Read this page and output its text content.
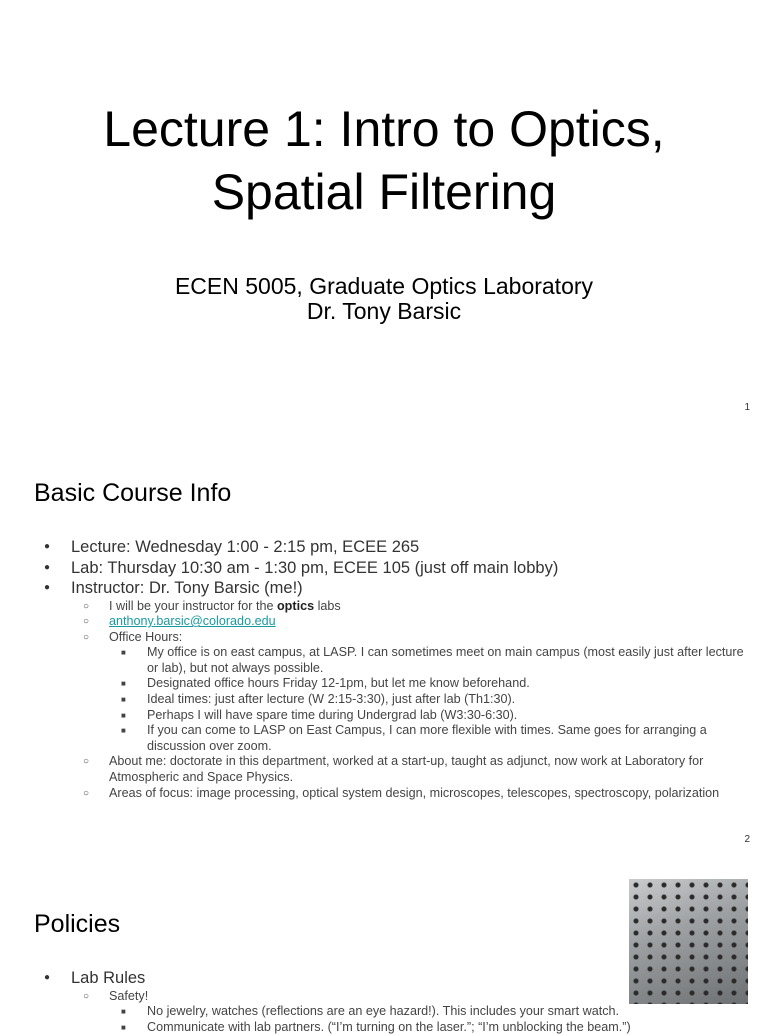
Lecture 1: Intro to Optics,
Spatial Filtering
ECEN 5005, Graduate Optics Laboratory
Dr. Tony Barsic
1
Basic Course Info
● Lecture: Wednesday 1:00 - 2:15 pm, ECEE 265
● Lab: Thursday 10:30 am - 1:30 pm, ECEE 105 (just off main lobby)
● Instructor: Dr. Tony Barsic (me!)
○ I will be your instructor for the optics labs
○ anthony.barsic@colorado.edu
○ Office Hours:
■ My office is on east campus, at LASP. I can sometimes meet on main campus (most easily just after lecture or lab), but not always possible.
■ Designated office hours Friday 12-1pm, but let me know beforehand.
■ Ideal times: just after lecture (W 2:15-3:30), just after lab (Th1:30).
■ Perhaps I will have spare time during Undergrad lab (W3:30-6:30).
■ If you can come to LASP on East Campus, I can more flexible with times. Same goes for arranging a discussion over zoom.
○ About me: doctorate in this department, worked at a start-up, taught as adjunct, now work at Laboratory for Atmospheric and Space Physics.
○ Areas of focus: image processing, optical system design, microscopes, telescopes, spectroscopy, polarization
2
Policies
● Lab Rules
○ Safety!
■ No jewelry, watches (reflections are an eye hazard!). This includes your smart watch.
■ Communicate with lab partners. (“I’m turning on the laser.”; “I’m unblocking the beam.”)
